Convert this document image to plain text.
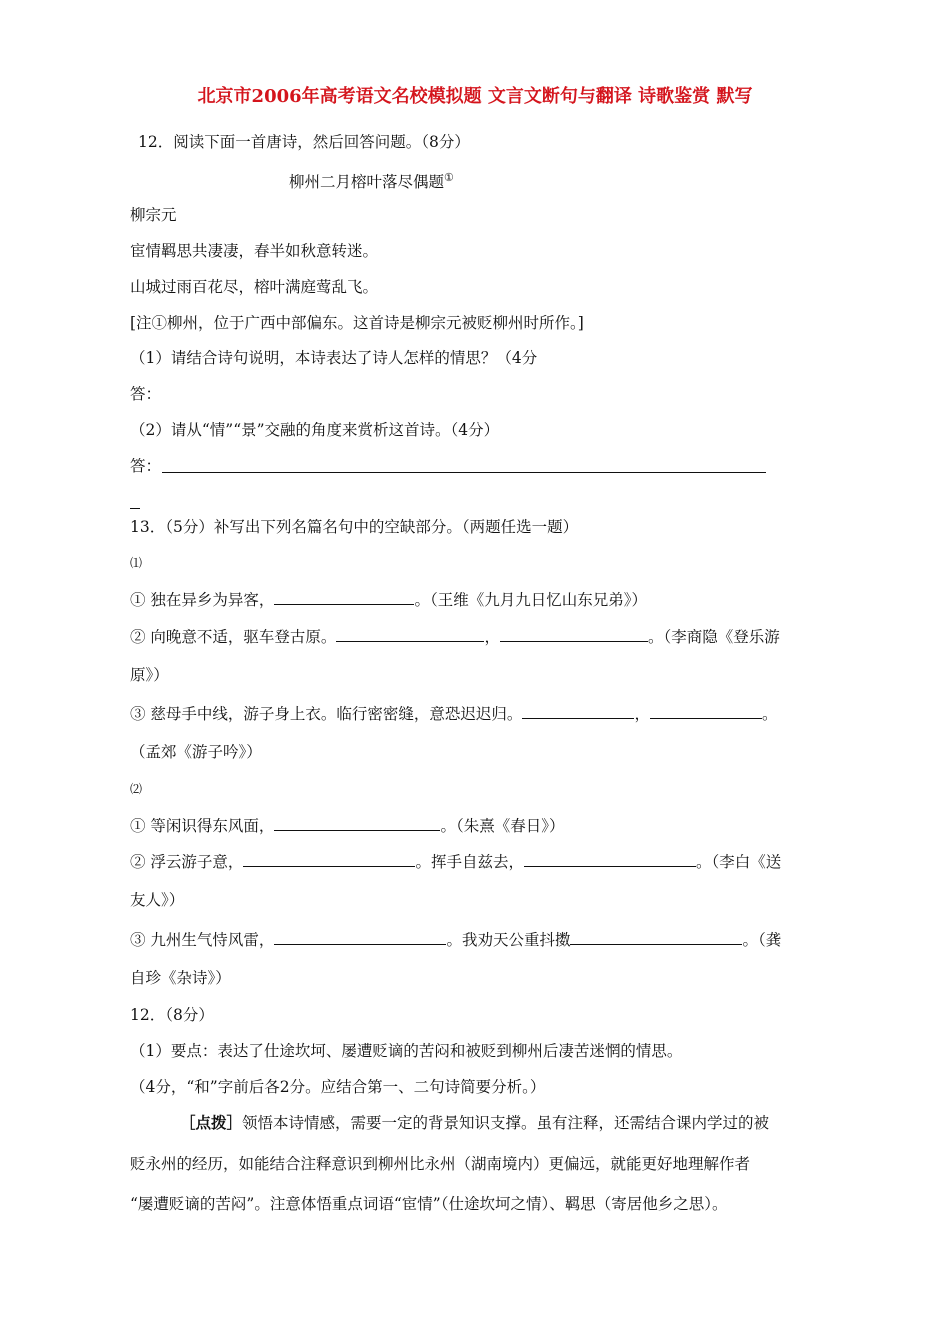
北京市2006年高考语文名校模拟题 文言文断句与翻译 诗歌鉴赏 默写
12．阅读下面一首唐诗，然后回答问题。（8分）
柳州二月榕叶落尽偶题①
柳宗元
宦情羁思共凄凄，春半如秋意转迷。
山城过雨百花尽，榕叶满庭莺乱飞。
[注①柳州，位于广西中部偏东。这首诗是柳宗元被贬柳州时所作。]
（1）请结合诗句说明，本诗表达了诗人怎样的情思？（4分
答：
（2）请从“情”“景”交融的角度来赏析这首诗。（4分）
答：
13．（5分）补写出下列名篇名句中的空缺部分。（两题任选一题）
⑴
① 独在异乡为异客，	。（王维《九月九日忆山东兄弟》）
② 向晚意不适，驱车登古原。	，	。（李商隐《登乐游
原》）
③ 慈母手中线，游子身上衣。临行密密缝，意恐迟迟归。	，	。
（孟郊《游子吟》）
⑵
① 等闲识得东风面，	。（朱熹《春日》）
② 浮云游子意，	。挥手自兹去，	。（李白《送
友人》）
③ 九州生气恃风雷，	。我劝天公重抖擞	。（龚
自珍《杂诗》）
12．（8分）
（1）要点：表达了仕途坎坷、屡遭贬谪的苦闷和被贬到柳州后凄苦迷惘的情思。
（4分，“和”字前后各2分。应结合第一、二句诗简要分析。）
［点拨］领悟本诗情感，需要一定的背景知识支撑。虽有注释，还需结合课内学过的被
贬永州的经历，如能结合注释意识到柳州比永州（湖南境内）更偏远，就能更好地理解作者
“屡遭贬谪的苦闷”。注意体悟重点词语“宦情”（仕途坎坷之情）、羁思（寄居他乡之思）。
